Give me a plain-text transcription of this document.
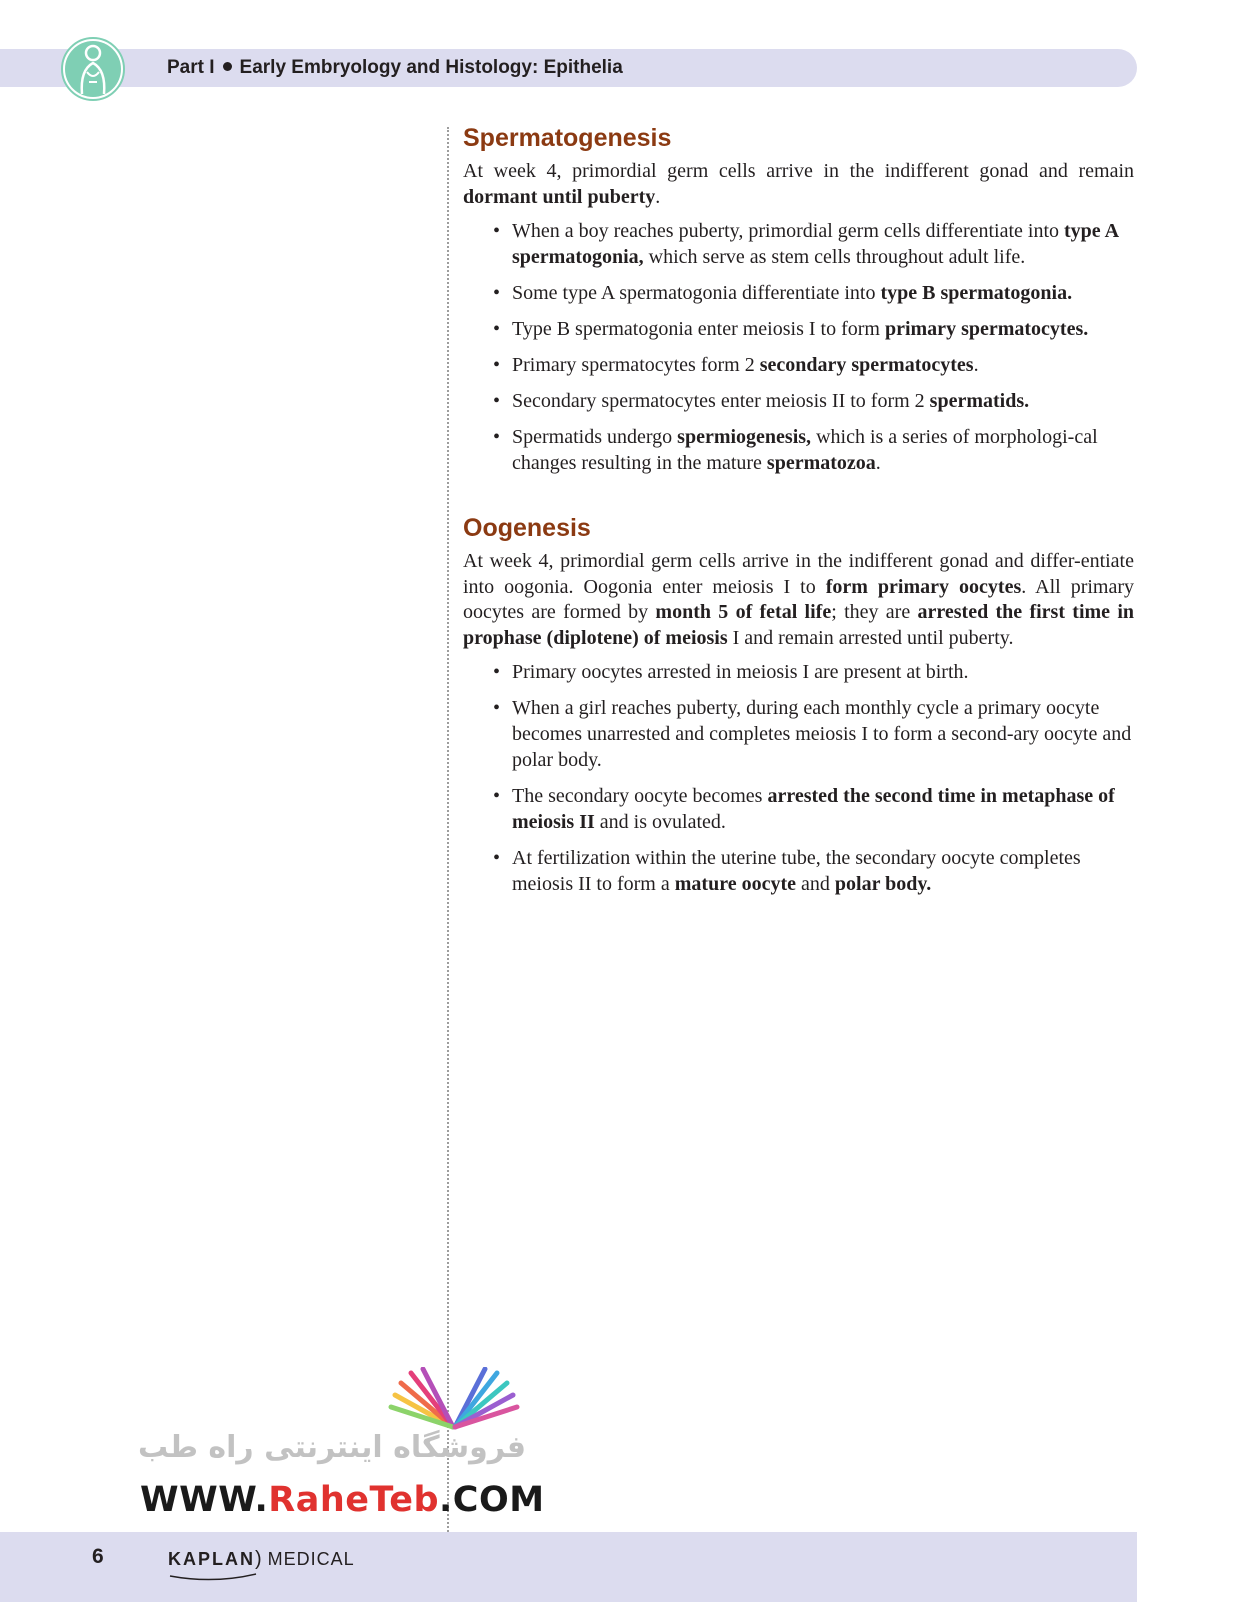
Part I Early Embryology and Histology: Epithelia
Spermatogenesis

At week 4, primordial germ cells arrive in the indifferent gonad and remain dormant until puberty.

• When a boy reaches puberty, primordial germ cells differentiate into type A spermatogonia, which serve as stem cells throughout adult life.
• Some type A spermatogonia differentiate into type B spermatogonia.
• Type B spermatogonia enter meiosis I to form primary spermatocytes.
• Primary spermatocytes form 2 secondary spermatocytes.
• Secondary spermatocytes enter meiosis II to form 2 spermatids.
• Spermatids undergo spermiogenesis, which is a series of morphologi-cal changes resulting in the mature spermatozoa.
Oogenesis

At week 4, primordial germ cells arrive in the indifferent gonad and differ-entiate into oogonia. Oogonia enter meiosis I to form primary oocytes. All primary oocytes are formed by month 5 of fetal life; they are arrested the first time in prophase (diplotene) of meiosis I and remain arrested until puberty.

• Primary oocytes arrested in meiosis I are present at birth.
• When a girl reaches puberty, during each monthly cycle a primary oocyte becomes unarrested and completes meiosis I to form a second-ary oocyte and polar body.
• The secondary oocyte becomes arrested the second time in metaphase of meiosis II and is ovulated.
• At fertilization within the uterine tube, the secondary oocyte completes meiosis II to form a mature oocyte and polar body.
فروشگاه اینترنتی راه طب
WWW.RaheTeb.COM
6	KAPLAN) MEDICAL
